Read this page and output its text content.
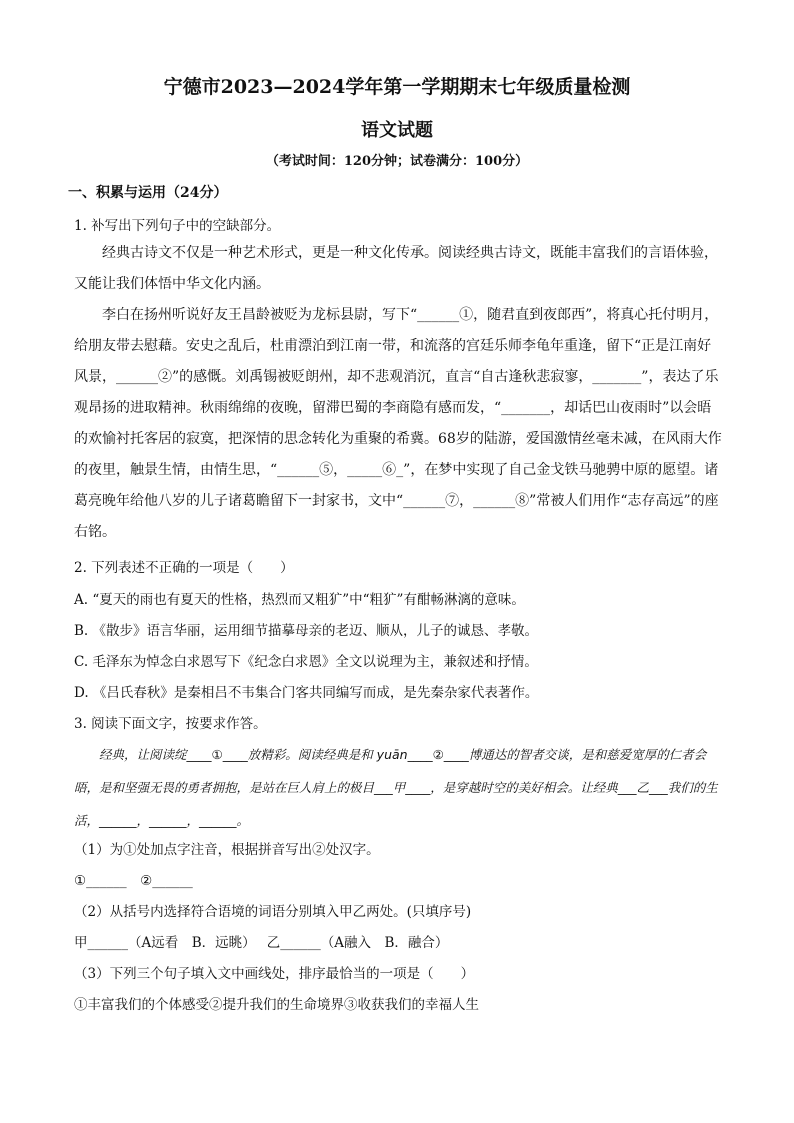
宁德市2023—2024学年第一学期期末七年级质量检测
语文试题
（考试时间：120分钟；试卷满分：100分）
一、积累与运用（24分）
1. 补写出下列句子中的空缺部分。
经典古诗文不仅是一种艺术形式，更是一种文化传承。阅读经典古诗文，既能丰富我们的言语体验，又能让我们体悟中华文化内涵。
李白在扬州听说好友王昌龄被贬为龙标县尉，写下“______①，随君直到夜郎西”，将真心托付明月，给朋友带去慰藉。安史之乱后，杜甫漂泊到江南一带，和流落的宫廷乐师李龟年重逢，留下“正是江南好风景，______②”的感慨。刘禹锡被贬朗州，却不悲观消沉，直言“自古逢秋悲寂寥，_______”，表达了乐观昂扬的进取精神。秋雨绵绵的夜晚，留滞巴蜀的李商隐有感而发，“_______，却话巴山夜雨时”以会晤的欢愉衬托客居的寂寞，把深情的思念转化为重聚的希冀。68岁的陆游，爱国激情丝毫未减，在风雨大作的夜里，触景生情，由情生思，“______⑤，_____⑥_”，在梦中实现了自己金戈铁马驰骋中原的愿望。诸葛亮晚年给他八岁的儿子诸葛瞻留下一封家书，文中“______⑦，______⑧”常被人们用作“志存高远”的座右铭。
2. 下列表述不正确的一项是（　　）
A. “夏天的雨也有夏天的性格，热烈而又粗犷”中“粗犷”有酣畅淋漓的意味。
B. 《散步》语言华丽，运用细节描摹母亲的老迈、顺从，儿子的诚恳、孝敬。
C. 毛泽东为悼念白求恩写下《纪念白求恩》全文以说理为主，兼叙述和抒情。
D. 《吕氏春秋》是秦相吕不韦集合门客共同编写而成，是先秦杂家代表著作。
3. 阅读下面文字，按要求作答。
经典，让阅读绽____①____放精彩。阅读经典是和 yuān____②____博通达的智者交谈，是和慈爱宽厚的仁者会晤，是和坚强无畏的勇者拥抱，是站在巨人肩上的极目___甲____，是穿越时空的美好相会。让经典___乙___我们的生活，______，______，______。
（1）为①处加点字注音，根据拼音写出②处汉字。
①______　②______
（2）从括号内选择符合语境的词语分别填入甲乙两处。(只填序号)
甲______（A远看　B．远眺）　 乙______（A融入　B．融合）
（3）下列三个句子填入文中画线处，排序最恰当的一项是（　　）
①丰富我们的个体感受②提升我们的生命境界③收获我们的幸福人生
